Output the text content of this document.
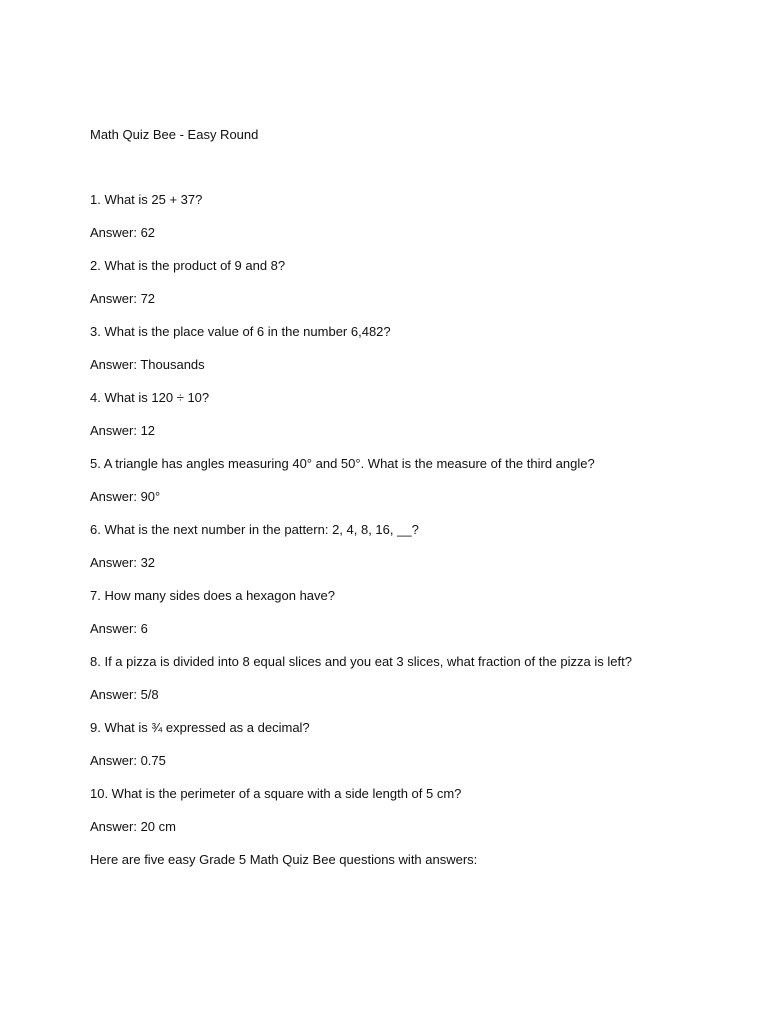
Math Quiz Bee - Easy Round

1. What is 25 + 37?

Answer: 62

2. What is the product of 9 and 8?

Answer: 72

3. What is the place value of 6 in the number 6,482?

Answer: Thousands

4. What is 120 ÷ 10?

Answer: 12

5. A triangle has angles measuring 40° and 50°. What is the measure of the third angle?

Answer: 90°

6. What is the next number in the pattern: 2, 4, 8, 16, __?

Answer: 32

7. How many sides does a hexagon have?

Answer: 6

8. If a pizza is divided into 8 equal slices and you eat 3 slices, what fraction of the pizza is left?

Answer: 5/8

9. What is ¾ expressed as a decimal?

Answer: 0.75

10. What is the perimeter of a square with a side length of 5 cm?

Answer: 20 cm

Here are five easy Grade 5 Math Quiz Bee questions with answers:
